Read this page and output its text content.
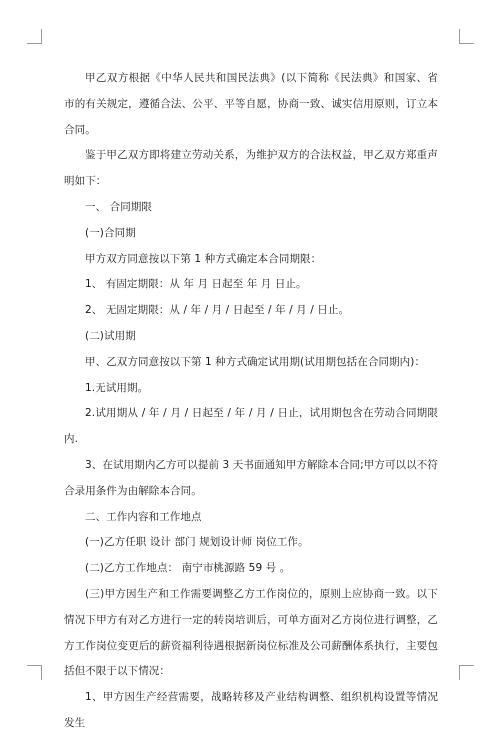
甲乙双方根据《中华人民共和国民法典》(以下简称《民法典》和国家、省市的有关规定，遵循合法、公平、平等自愿，协商一致、诚实信用原则，订立本合同。

鉴于甲乙双方即将建立劳动关系，为维护双方的合法权益，甲乙双方郑重声明如下：

一、 合同期限

(一)合同期

甲方双方同意按以下第 1 种方式确定本合同期限：

1、 有固定期限：从 年 月 日起至 年 月 日止。

2、 无固定期限：从 / 年 / 月 / 日起至 / 年 / 月 / 日止。

(二)试用期

甲、乙双方同意按以下第 1 种方式确定试用期(试用期包括在合同期内)：

1.无试用期。

2.试用期从 / 年 / 月 / 日起至 / 年 / 月 / 日止，试用期包含在劳动合同期限内.

3、在试用期内乙方可以提前 3 天书面通知甲方解除本合同;甲方可以以不符合录用条件为由解除本合同。

二、工作内容和工作地点

(一)乙方任职 设计 部门 规划设计师 岗位工作。

(二)乙方工作地点： 南宁市桃源路 59 号 。

(三)甲方因生产和工作需要调整乙方工作岗位的，原则上应协商一致。以下情况下甲方有对乙方进行一定的转岗培训后，可单方面对乙方岗位进行调整，乙方工作岗位变更后的薪资福利待遇根据新岗位标准及公司薪酬体系执行，主要包括但不限于以下情况：

1、甲方因生产经营需要，战略转移及产业结构调整、组织机构设置等情况发生
